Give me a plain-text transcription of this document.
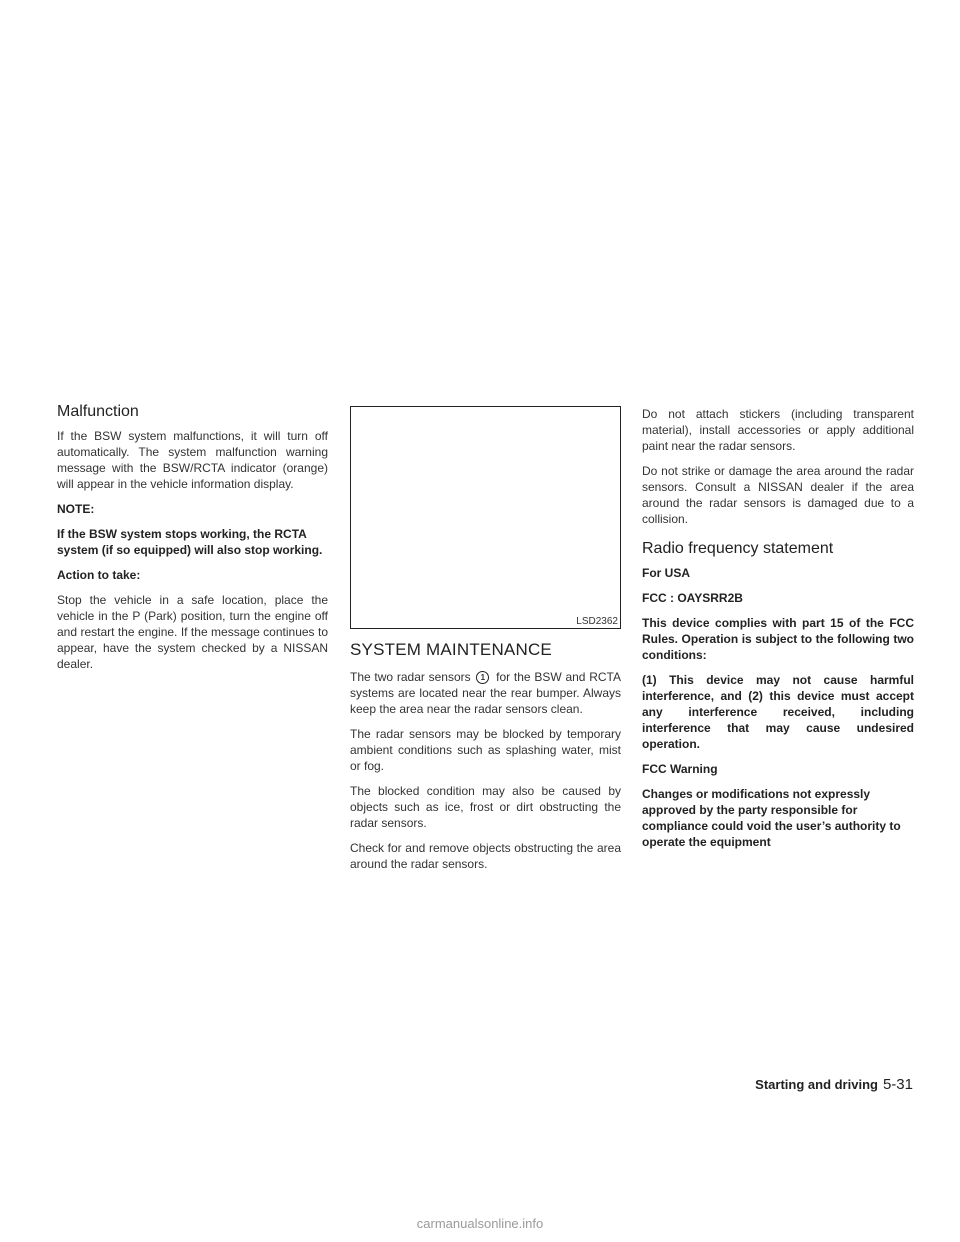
Malfunction

If the BSW system malfunctions, it will turn off automatically. The system malfunction warning message with the BSW/RCTA indicator (orange) will appear in the vehicle information display.

NOTE:

If the BSW system stops working, the RCTA system (if so equipped) will also stop working.

Action to take:

Stop the vehicle in a safe location, place the vehicle in the P (Park) position, turn the engine off and restart the engine. If the message continues to appear, have the system checked by a NISSAN dealer.

LSD2362
SYSTEM MAINTENANCE

The two radar sensors 1 for the BSW and RCTA systems are located near the rear bumper. Always keep the area near the radar sensors clean.

The radar sensors may be blocked by temporary ambient conditions such as splashing water, mist or fog.

The blocked condition may also be caused by objects such as ice, frost or dirt obstructing the radar sensors.

Check for and remove objects obstructing the area around the radar sensors.

Do not attach stickers (including transparent material), install accessories or apply additional paint near the radar sensors.

Do not strike or damage the area around the radar sensors. Consult a NISSAN dealer if the area around the radar sensors is damaged due to a collision.

Radio frequency statement

For USA

FCC : OAYSRR2B

This device complies with part 15 of the FCC Rules. Operation is subject to the following two conditions:

(1) This device may not cause harmful interference, and (2) this device must accept any interference received, including interference that may cause undesired operation.

FCC Warning

Changes or modifications not expressly approved by the party responsible for compliance could void the user’s authority to operate the equipment

Starting and driving 5-31
carmanualsonline.info
